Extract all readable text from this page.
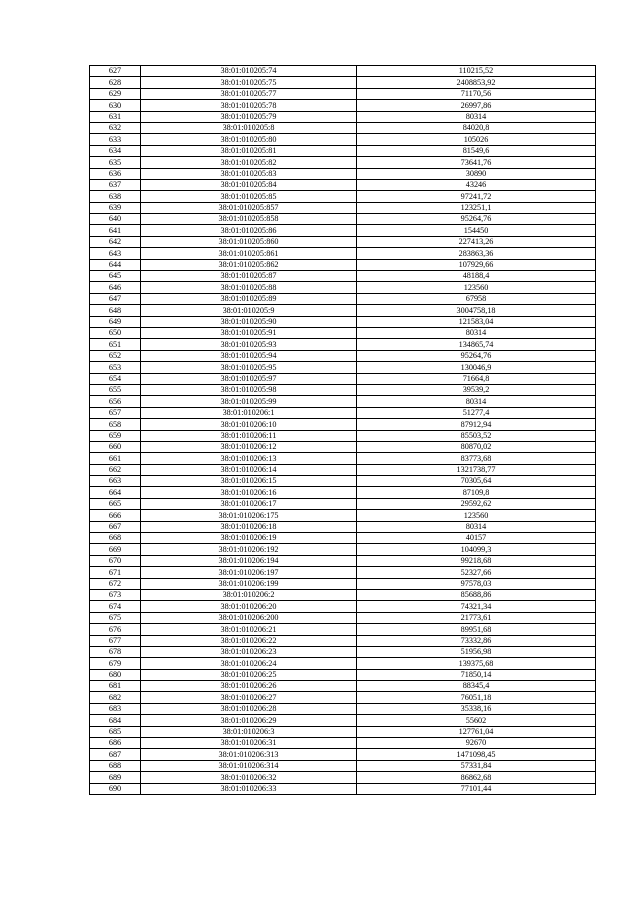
627	38:01:010205:74	110215,52
628	38:01:010205:75	2408853,92
629	38:01:010205:77	71170,56
630	38:01:010205:78	26997,86
631	38:01:010205:79	80314
632	38:01:010205:8	84020,8
633	38:01:010205:80	105026
634	38:01:010205:81	81549,6
635	38:01:010205:82	73641,76
636	38:01:010205:83	30890
637	38:01:010205:84	43246
638	38:01:010205:85	97241,72
639	38:01:010205:857	123251,1
640	38:01:010205:858	95264,76
641	38:01:010205:86	154450
642	38:01:010205:860	227413,26
643	38:01:010205:861	283863,36
644	38:01:010205:862	107929,66
645	38:01:010205:87	48188,4
646	38:01:010205:88	123560
647	38:01:010205:89	67958
648	38:01:010205:9	3004758,18
649	38:01:010205:90	121583,04
650	38:01:010205:91	80314
651	38:01:010205:93	134865,74
652	38:01:010205:94	95264,76
653	38:01:010205:95	130046,9
654	38:01:010205:97	71664,8
655	38:01:010205:98	39539,2
656	38:01:010205:99	80314
657	38:01:010206:1	51277,4
658	38:01:010206:10	87912,94
659	38:01:010206:11	85503,52
660	38:01:010206:12	80870,02
661	38:01:010206:13	83773,68
662	38:01:010206:14	1321738,77
663	38:01:010206:15	70305,64
664	38:01:010206:16	87109,8
665	38:01:010206:17	29592,62
666	38:01:010206:175	123560
667	38:01:010206:18	80314
668	38:01:010206:19	40157
669	38:01:010206:192	104099,3
670	38:01:010206:194	99218,68
671	38:01:010206:197	52327,66
672	38:01:010206:199	97578,03
673	38:01:010206:2	85688,86
674	38:01:010206:20	74321,34
675	38:01:010206:200	21773,61
676	38:01:010206:21	89951,68
677	38:01:010206:22	73332,86
678	38:01:010206:23	51956,98
679	38:01:010206:24	139375,68
680	38:01:010206:25	71850,14
681	38:01:010206:26	88345,4
682	38:01:010206:27	76051,18
683	38:01:010206:28	35338,16
684	38:01:010206:29	55602
685	38:01:010206:3	127761,04
686	38:01:010206:31	92670
687	38:01:010206:313	1471098,45
688	38:01:010206:314	57331,84
689	38:01:010206:32	86862,68
690	38:01:010206:33	77101,44
